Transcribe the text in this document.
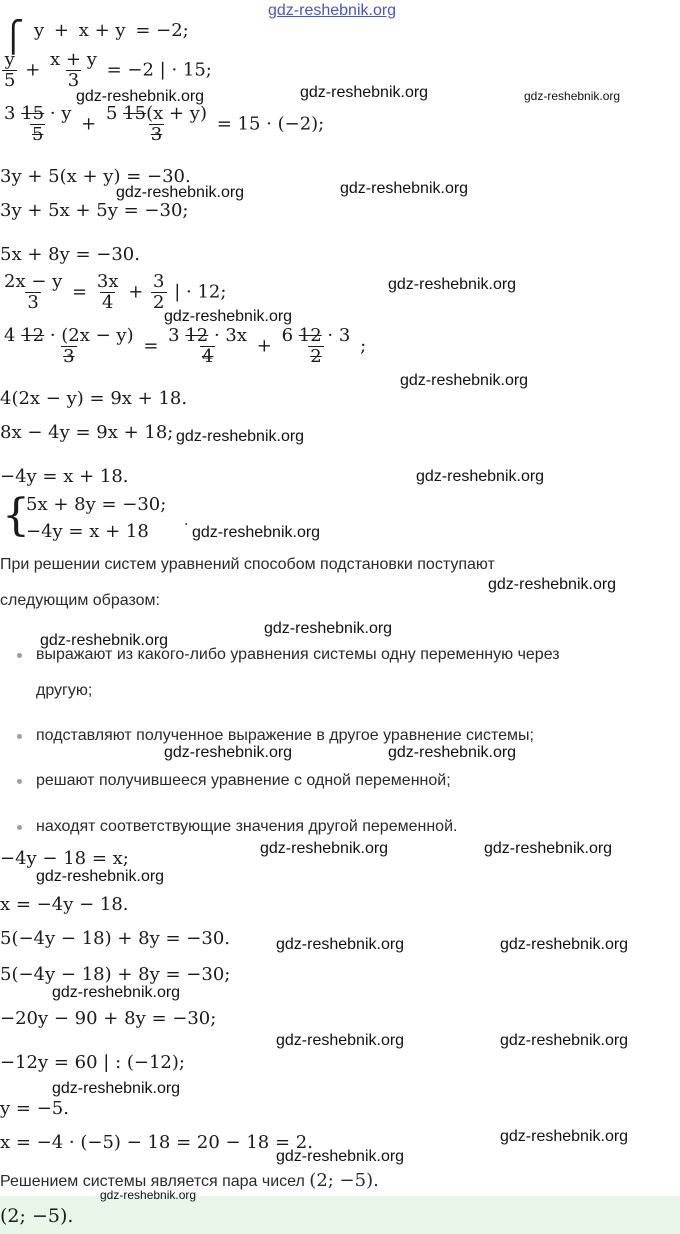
gdz-reshebnik.org
⎧ y + x + y = −2;
$\frac{y}{5} + \frac{x + y}{3} = -2$ | · 15;
$\frac{3 15 \cdot y}{5} + \frac{5 15(x + y)}{3} = 15 \cdot (-2)$;
3y + 5(x + y) = −30.
3y + 5x + 5y = −30;
5x + 8y = −30.
$\frac{2x - y}{3} = \frac{3x}{4} + \frac{3}{2}$ | · 12;
$\frac{4 12 \cdot (2x - y)}{3} = \frac{3 12 \cdot 3x}{4} + \frac{6 12 \cdot 3}{2}$ ;
4(2x − y) = 9x + 18.
8x − 4y = 9x + 18;
−4y = x + 18.
{
5x + 8y = −30;
−4y = x + 18	·
При решении систем уравнений способом подстановки поступают
следующим образом:
выражают из какого-либо уравнения системы одну переменную через
другую;
подставляют полученное выражение в другое уравнение системы;
решают получившееся уравнение с одной переменной;
находят соответствующие значения другой переменной.
−4y − 18 = x;
x = −4y − 18.
5(−4y − 18) + 8y = −30.
5(−4y − 18) + 8y = −30;
−20y − 90 + 8y = −30;
−12y = 60 | : (−12);
y = −5.
x = −4 · (−5) − 18 = 20 − 18 = 2.
Решением системы является пара чисел (2; −5).
(2; −5).
gdz-reshebnik.org	gdz-reshebnik.org	gdz-reshebnik.org
gdz-reshebnik.org	gdz-reshebnik.org
gdz-reshebnik.org
gdz-reshebnik.org
gdz-reshebnik.org
gdz-reshebnik.org
gdz-reshebnik.org
gdz-reshebnik.org
gdz-reshebnik.org
gdz-reshebnik.org
gdz-reshebnik.org
gdz-reshebnik.org	gdz-reshebnik.org
gdz-reshebnik.org	gdz-reshebnik.org
gdz-reshebnik.org
gdz-reshebnik.org	gdz-reshebnik.org
gdz-reshebnik.org
gdz-reshebnik.org	gdz-reshebnik.org
gdz-reshebnik.org
gdz-reshebnik.org
gdz-reshebnik.org
gdz-reshebnik.org
